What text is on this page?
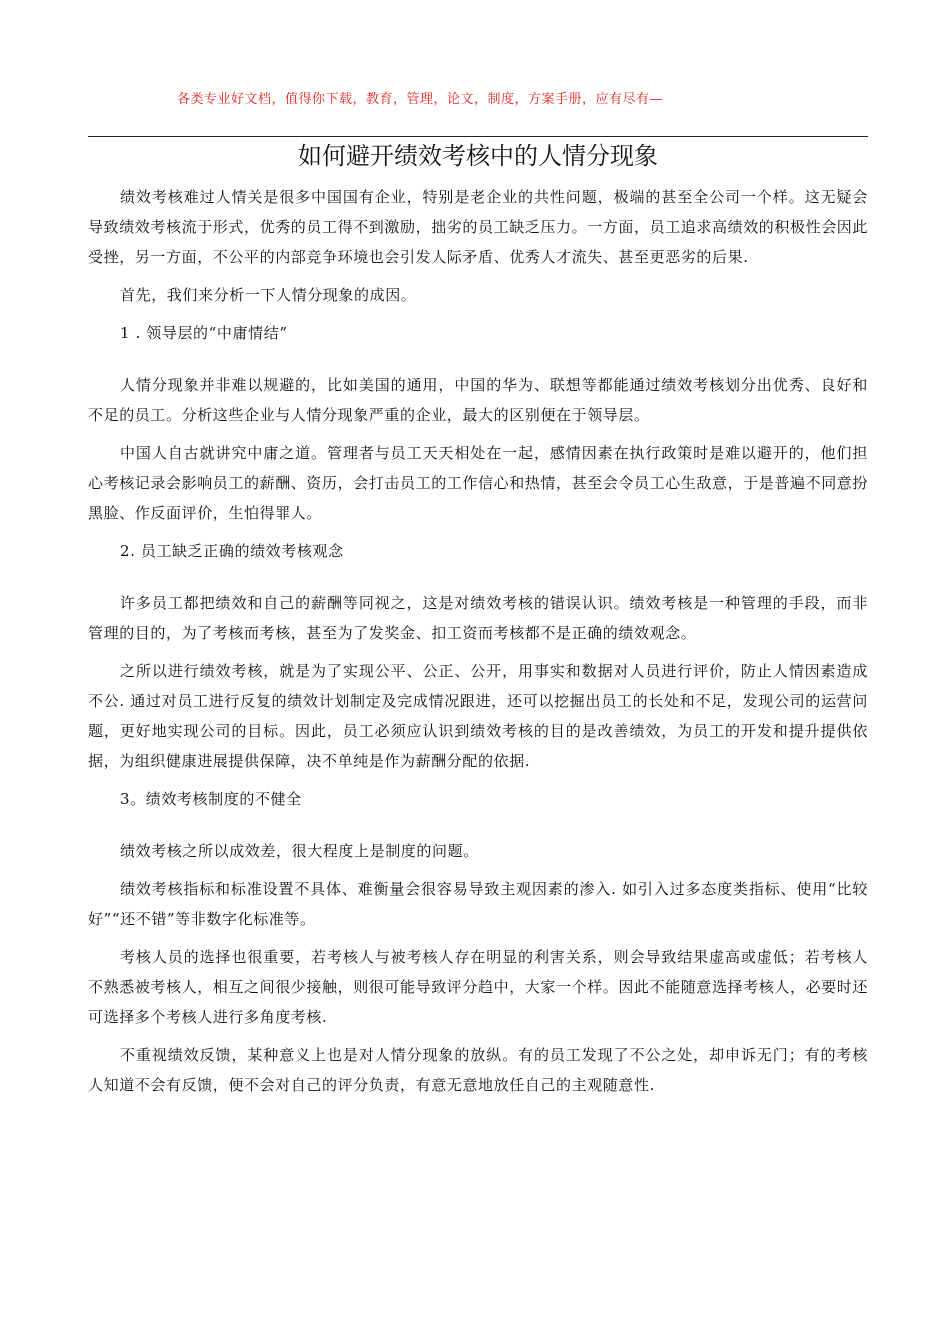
各类专业好文档，值得你下载，教育，管理，论文，制度，方案手册，应有尽有—
如何避开绩效考核中的人情分现象

绩效考核难过人情关是很多中国国有企业，特别是老企业的共性问题，极端的甚至全公司一个样。这无疑会导致绩效考核流于形式，优秀的员工得不到激励，拙劣的员工缺乏压力。一方面，员工追求高绩效的积极性会因此受挫，另一方面，不公平的内部竞争环境也会引发人际矛盾、优秀人才流失、甚至更恶劣的后果.

首先，我们来分析一下人情分现象的成因。

1 . 领导层的“中庸情结”

人情分现象并非难以规避的，比如美国的通用，中国的华为、联想等都能通过绩效考核划分出优秀、良好和不足的员工。分析这些企业与人情分现象严重的企业，最大的区别便在于领导层。

中国人自古就讲究中庸之道。管理者与员工天天相处在一起，感情因素在执行政策时是难以避开的，他们担心考核记录会影响员工的薪酬、资历，会打击员工的工作信心和热情，甚至会令员工心生敌意，于是普遍不同意扮黑脸、作反面评价，生怕得罪人。

2. 员工缺乏正确的绩效考核观念

许多员工都把绩效和自己的薪酬等同视之，这是对绩效考核的错误认识。绩效考核是一种管理的手段，而非管理的目的，为了考核而考核，甚至为了发奖金、扣工资而考核都不是正确的绩效观念。

之所以进行绩效考核，就是为了实现公平、公正、公开，用事实和数据对人员进行评价，防止人情因素造成不公. 通过对员工进行反复的绩效计划制定及完成情况跟进，还可以挖掘出员工的长处和不足，发现公司的运营问题，更好地实现公司的目标。因此，员工必须应认识到绩效考核的目的是改善绩效，为员工的开发和提升提供依据，为组织健康进展提供保障，决不单纯是作为薪酬分配的依据.

3。绩效考核制度的不健全

绩效考核之所以成效差，很大程度上是制度的问题。

绩效考核指标和标准设置不具体、难衡量会很容易导致主观因素的渗入. 如引入过多态度类指标、使用“比较好”“还不错”等非数字化标准等。

考核人员的选择也很重要，若考核人与被考核人存在明显的利害关系，则会导致结果虚高或虚低；若考核人不熟悉被考核人，相互之间很少接触，则很可能导致评分趋中，大家一个样。因此不能随意选择考核人，必要时还可选择多个考核人进行多角度考核.

不重视绩效反馈，某种意义上也是对人情分现象的放纵。有的员工发现了不公之处，却申诉无门；有的考核人知道不会有反馈，便不会对自己的评分负责，有意无意地放任自己的主观随意性.
